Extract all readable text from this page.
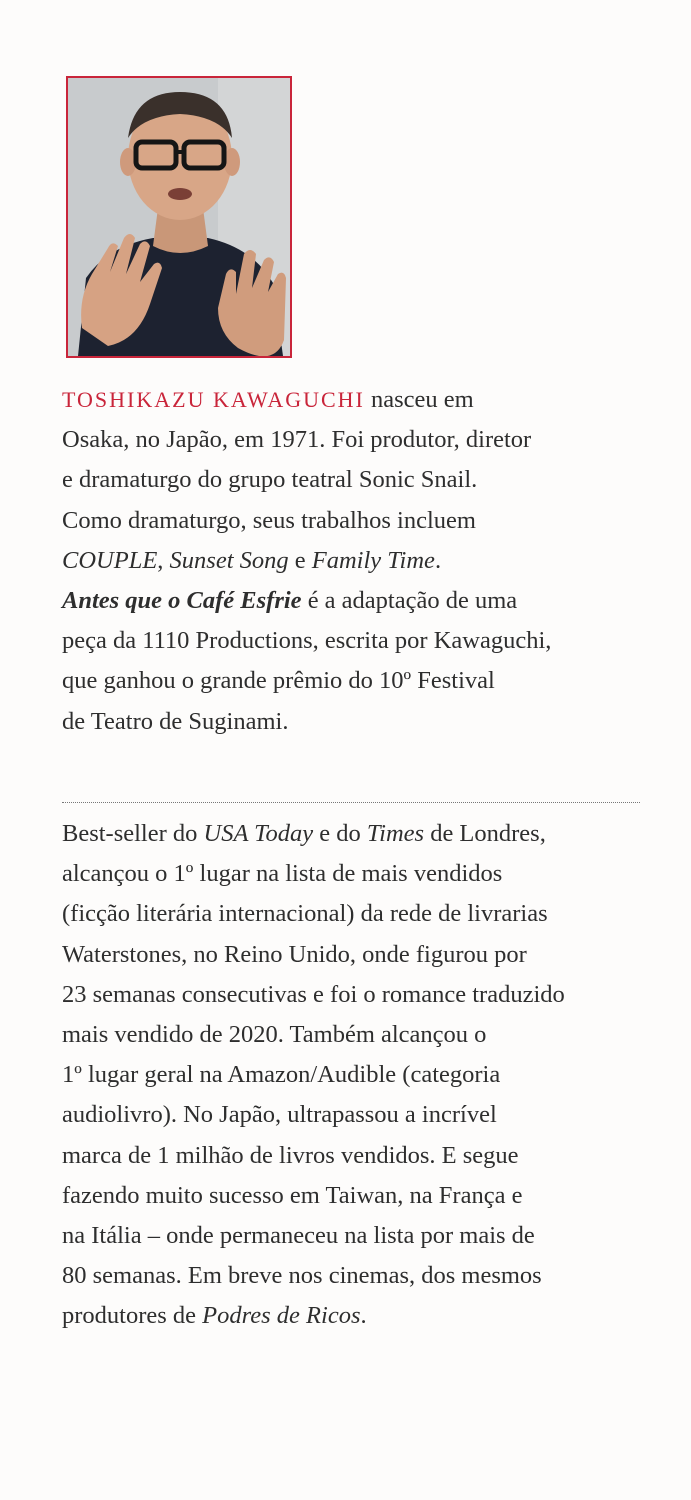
TOSHIKAZU KAWAGUCHI nasceu em

Osaka, no Japão, em 1971. Foi produtor, diretor

e dramaturgo do grupo teatral Sonic Snail.

Como dramaturgo, seus trabalhos incluem

COUPLE, Sunset Song e Family Time.

Antes que o Café Esfrie é a adaptação de uma

peça da 1110 Productions, escrita por Kawaguchi,

que ganhou o grande prêmio do 10º Festival

de Teatro de Suginami.

Best-seller do USA Today e do Times de Londres,

alcançou o 1º lugar na lista de mais vendidos

(ficção literária internacional) da rede de livrarias

Waterstones, no Reino Unido, onde figurou por

23 semanas consecutivas e foi o romance traduzido

mais vendido de 2020. Também alcançou o

1º lugar geral na Amazon/Audible (categoria

audiolivro). No Japão, ultrapassou a incrível

marca de 1 milhão de livros vendidos. E segue

fazendo muito sucesso em Taiwan, na França e

na Itália – onde permaneceu na lista por mais de

80 semanas. Em breve nos cinemas, dos mesmos

produtores de Podres de Ricos.
